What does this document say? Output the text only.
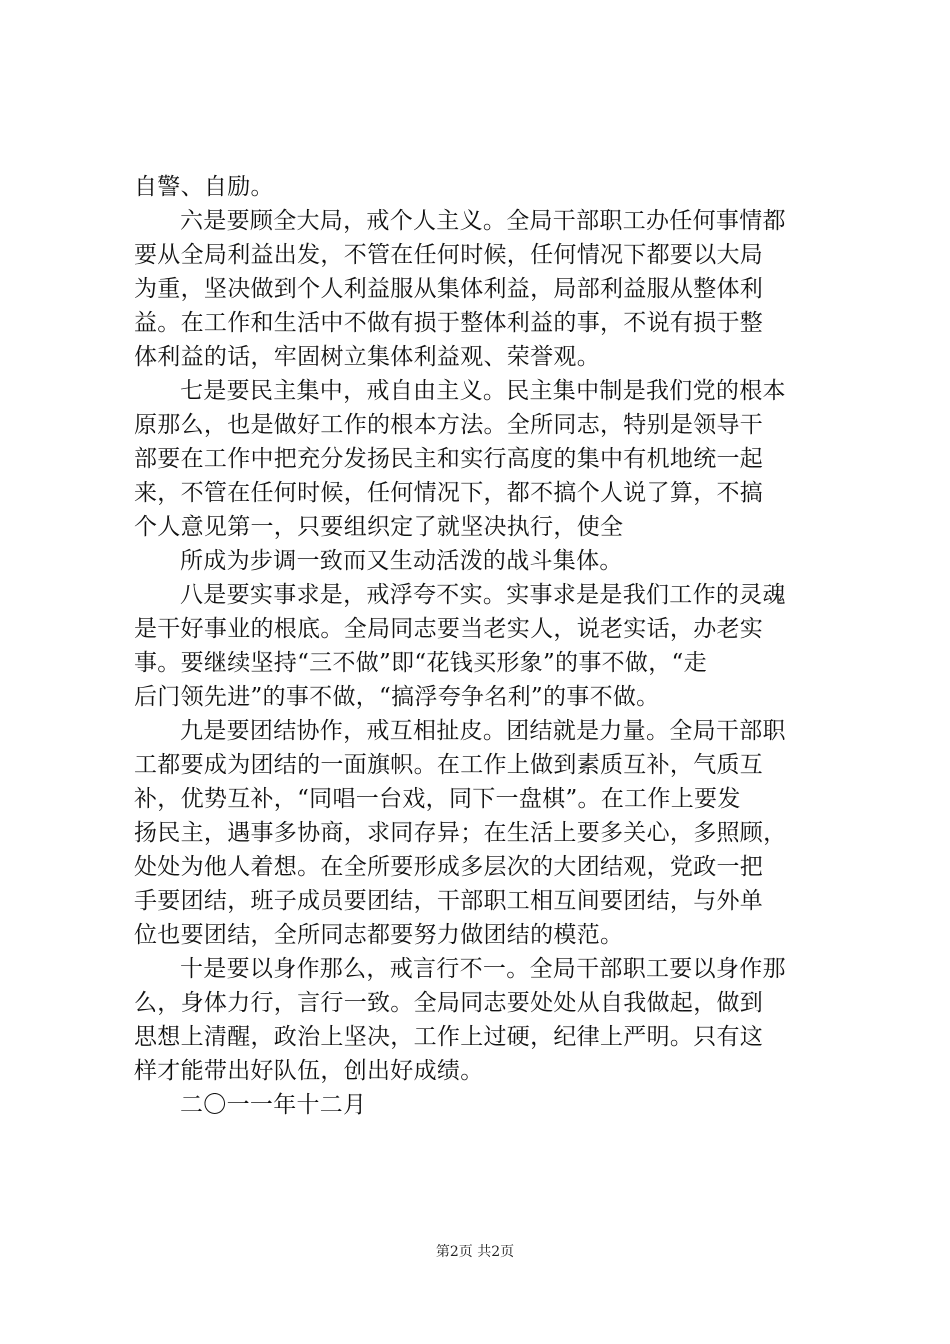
自警、自励。
六是要顾全大局，戒个人主义。全局干部职工办任何事情都
要从全局利益出发，不管在任何时候，任何情况下都要以大局
为重，坚决做到个人利益服从集体利益，局部利益服从整体利
益。在工作和生活中不做有损于整体利益的事，不说有损于整
体利益的话，牢固树立集体利益观、荣誉观。
七是要民主集中，戒自由主义。民主集中制是我们党的根本
原那么，也是做好工作的根本方法。全所同志，特别是领导干
部要在工作中把充分发扬民主和实行高度的集中有机地统一起
来，不管在任何时候，任何情况下，都不搞个人说了算，不搞
个人意见第一，只要组织定了就坚决执行，使全
所成为步调一致而又生动活泼的战斗集体。
八是要实事求是，戒浮夸不实。实事求是是我们工作的灵魂
是干好事业的根底。全局同志要当老实人，说老实话，办老实
事。要继续坚持“三不做”即“花钱买形象”的事不做，“走
后门领先进”的事不做，“搞浮夸争名利”的事不做。
九是要团结协作，戒互相扯皮。团结就是力量。全局干部职
工都要成为团结的一面旗帜。在工作上做到素质互补，气质互
补，优势互补，“同唱一台戏，同下一盘棋”。在工作上要发
扬民主，遇事多协商，求同存异；在生活上要多关心，多照顾，
处处为他人着想。在全所要形成多层次的大团结观，党政一把
手要团结，班子成员要团结，干部职工相互间要团结，与外单
位也要团结，全所同志都要努力做团结的模范。
十是要以身作那么，戒言行不一。全局干部职工要以身作那
么，身体力行，言行一致。全局同志要处处从自我做起，做到
思想上清醒，政治上坚决，工作上过硬，纪律上严明。只有这
样才能带出好队伍，创出好成绩。
二〇一一年十二月
第2页 共2页
